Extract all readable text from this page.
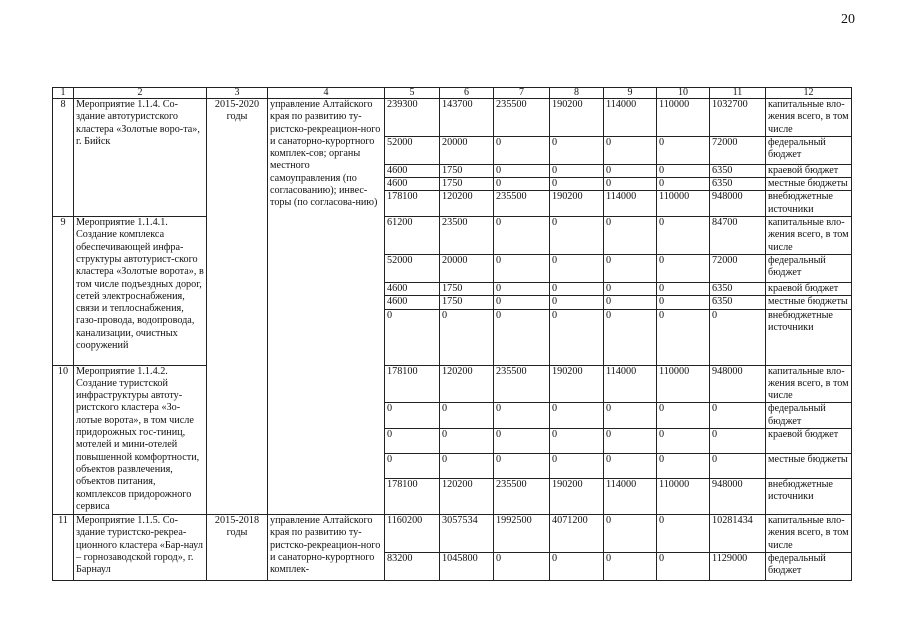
20
1	2	3	4	5	6	7	8	9	10	11	12
8	Мероприятие 1.1.4. Со-здание автотуристского кластера «Золотые воро-та», г. Бийск	2015-2020 годы	управление Алтайского края по развитию ту-ристско-рекреацион-ного и санаторно-курортного комплек-сов; органы местного самоуправления (по согласованию); инвес-торы (по согласова-нию)	239300	143700	235500	190200	114000	110000	1032700	капитальные вло-жения всего, в том числе
				52000	20000	0	0	0	0	72000	федеральный бюджет
				4600	1750	0	0	0	0	6350	краевой бюджет
				4600	1750	0	0	0	0	6350	местные бюджеты
				178100	120200	235500	190200	114000	110000	948000	внебюджетные источники
9	Мероприятие 1.1.4.1. Создание комплекса обеспечивающей инфра-структуры автотурист-ского кластера «Золотые ворота», в том числе подъездных дорог, сетей электроснабжения, связи и теплоснабжения, газо-провода, водопровода, канализации, очистных сооружений			61200	23500	0	0	0	0	84700	капитальные вло-жения всего, в том числе
				52000	20000	0	0	0	0	72000	федеральный бюджет
				4600	1750	0	0	0	0	6350	краевой бюджет
				4600	1750	0	0	0	0	6350	местные бюджеты
				0	0	0	0	0	0	0	внебюджетные источники
10	Мероприятие 1.1.4.2. Создание туристской инфраструктуры автоту-ристского кластера «Зо-лотые ворота», в том числе придорожных гос-тиниц, мотелей и мини-отелей повышенной комфортности, объектов развлечения, объектов питания, комплексов придорожного сервиса			178100	120200	235500	190200	114000	110000	948000	капитальные вло-жения всего, в том числе
				0	0	0	0	0	0	0	федеральный бюджет
				0	0	0	0	0	0	0	краевой бюджет
				0	0	0	0	0	0	0	местные бюджеты
				178100	120200	235500	190200	114000	110000	948000	внебюджетные источники
11	Мероприятие 1.1.5. Со-здание туристско-рекреа-ционного кластера «Бар-наул – горнозаводской город», г. Барнаул	2015-2018 годы	управление Алтайского края по развитию ту-ристско-рекреацион-ного и санаторно-курортного комплек-	1160200	3057534	1992500	4071200	0	0	10281434	капитальные вло-жения всего, в том числе
				83200	1045800	0	0	0	0	1129000	федеральный бюджет
